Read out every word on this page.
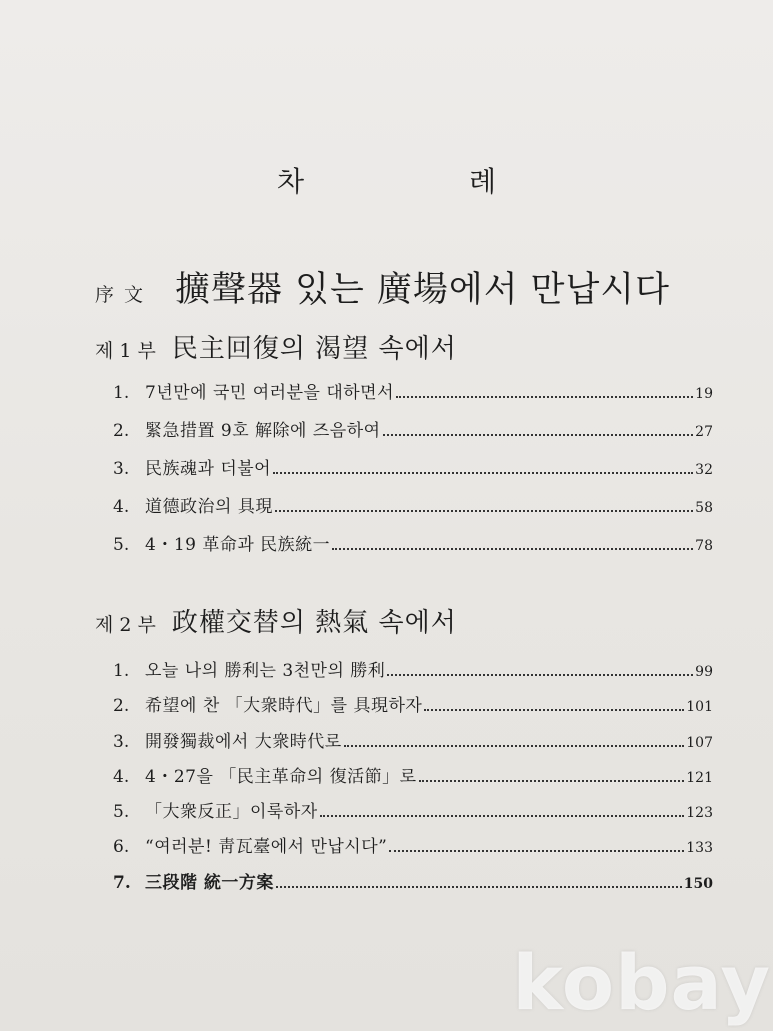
차 례
序文 擴聲器 있는 廣場에서 만납시다
제 1 부 民主回復의 渴望 속에서
1. 7년만에 국민 여러분을 대하면서	19
2. 緊急措置 9호 解除에 즈음하여	27
3. 民族魂과 더불어	32
4. 道德政治의 具現	58
5. 4・19 革命과 民族統一	78
제 2 부 政權交替의 熱氣 속에서
1. 오늘 나의 勝利는 3천만의 勝利	99
2. 希望에 찬 「大衆時代」를 具現하자	101
3. 開發獨裁에서 大衆時代로	107
4. 4・27을 「民主革命의 復活節」로	121
5. 「大衆反正」이룩하자	123
6. “여러분! 靑瓦臺에서 만납시다”	133
7. 三段階 統一方案	150
kobay
